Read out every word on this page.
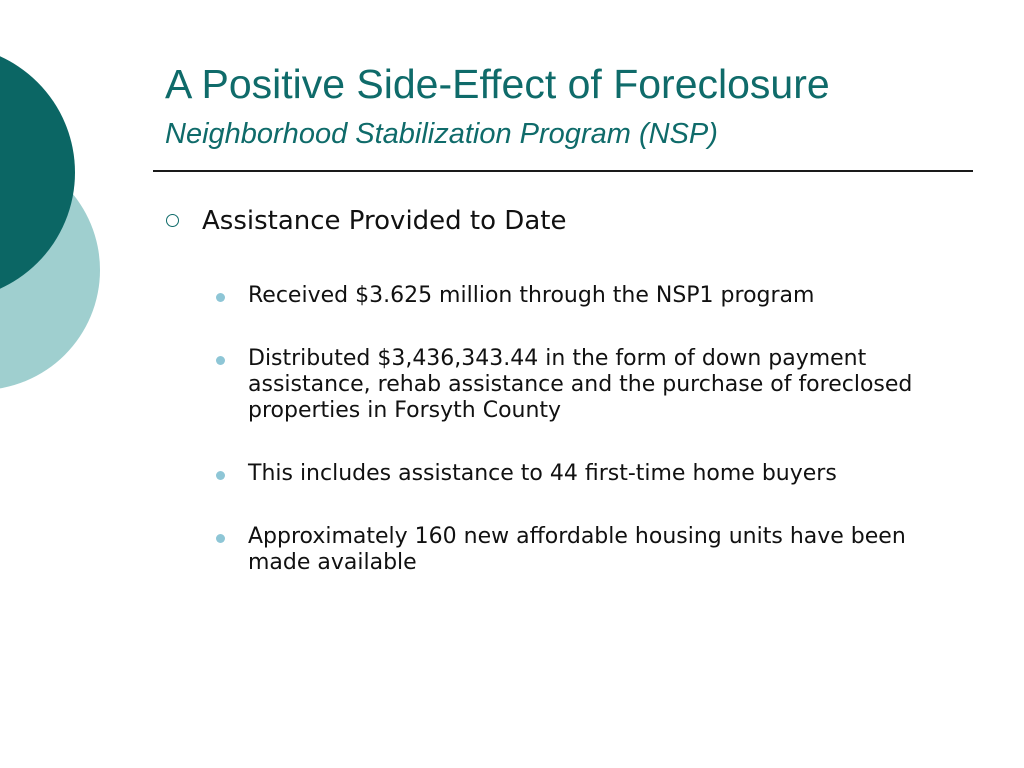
A Positive Side-Effect of Foreclosure
Neighborhood Stabilization Program (NSP)
Assistance Provided to Date
Received $3.625 million through the NSP1 program
Distributed $3,436,343.44 in the form of down payment assistance, rehab assistance and the purchase of foreclosed properties in Forsyth County
This includes assistance to 44 first-time home buyers
Approximately 160 new affordable housing units have been made available
